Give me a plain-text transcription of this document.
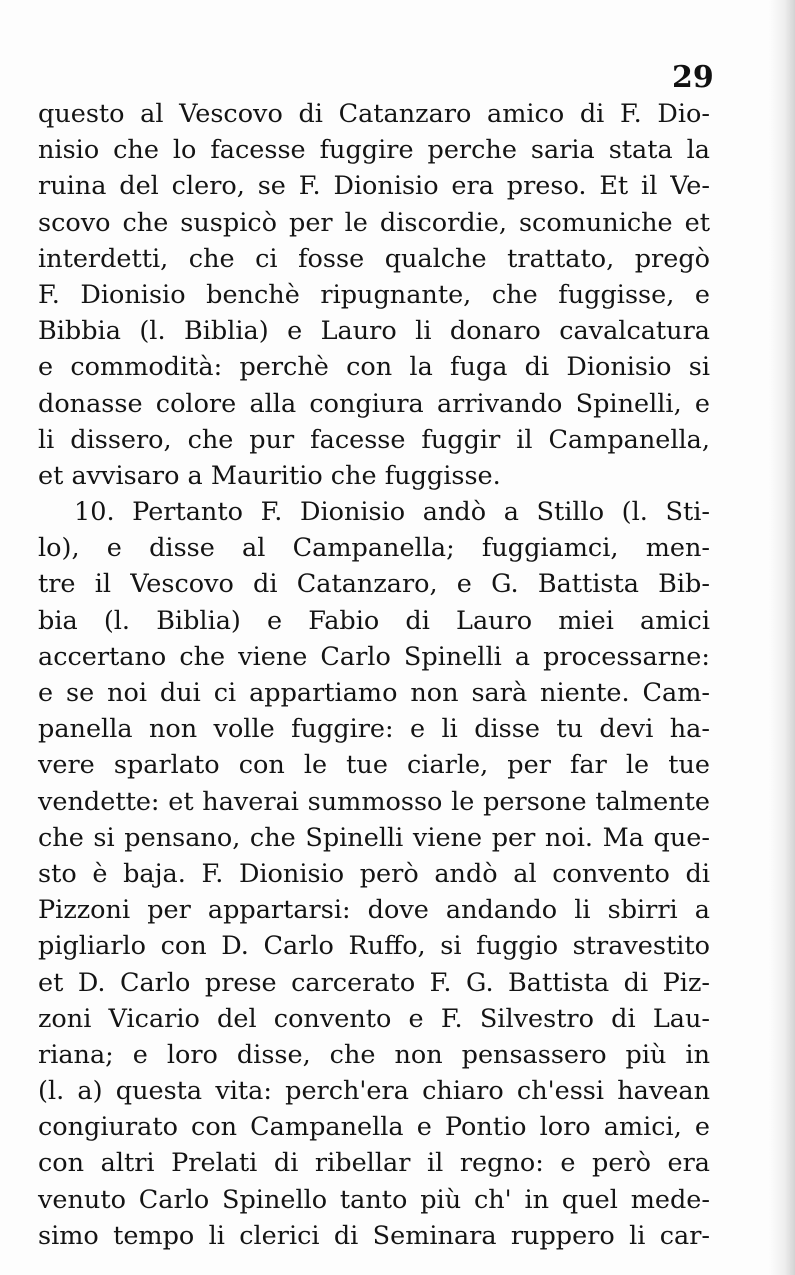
29
questo al Vescovo di Catanzaro amico di F. Dio-
nisio che lo facesse fuggire perche saria stata la
ruina del clero, se F. Dionisio era preso. Et il Ve-
scovo che suspicò per le discordie, scomuniche et
interdetti, che ci fosse qualche trattato, pregò
F. Dionisio benchè ripugnante, che fuggisse, e
Bibbia (l. Biblia) e Lauro li donaro cavalcatura
e commodità: perchè con la fuga di Dionisio si
donasse colore alla congiura arrivando Spinelli, e
li dissero, che pur facesse fuggir il Campanella,
et avvisaro a Mauritio che fuggisse.
10. Pertanto F. Dionisio andò a Stillo (l. Sti-
lo), e disse al Campanella; fuggiamci, men-
tre il Vescovo di Catanzaro, e G. Battista Bib-
bia (l. Biblia) e Fabio di Lauro miei amici
accertano che viene Carlo Spinelli a processarne:
e se noi dui ci appartiamo non sarà niente. Cam-
panella non volle fuggire: e li disse tu devi ha-
vere sparlato con le tue ciarle, per far le tue
vendette: et haverai summosso le persone talmente
che si pensano, che Spinelli viene per noi. Ma que-
sto è baja. F. Dionisio però andò al convento di
Pizzoni per appartarsi: dove andando li sbirri a
pigliarlo con D. Carlo Ruffo, si fuggio stravestito
et D. Carlo prese carcerato F. G. Battista di Piz-
zoni Vicario del convento e F. Silvestro di Lau-
riana; e loro disse, che non pensassero più in
(l. a) questa vita: perch'era chiaro ch'essi havean
congiurato con Campanella e Pontio loro amici, e
con altri Prelati di ribellar il regno: e però era
venuto Carlo Spinello tanto più ch' in quel mede-
simo tempo li clerici di Seminara ruppero li car-
